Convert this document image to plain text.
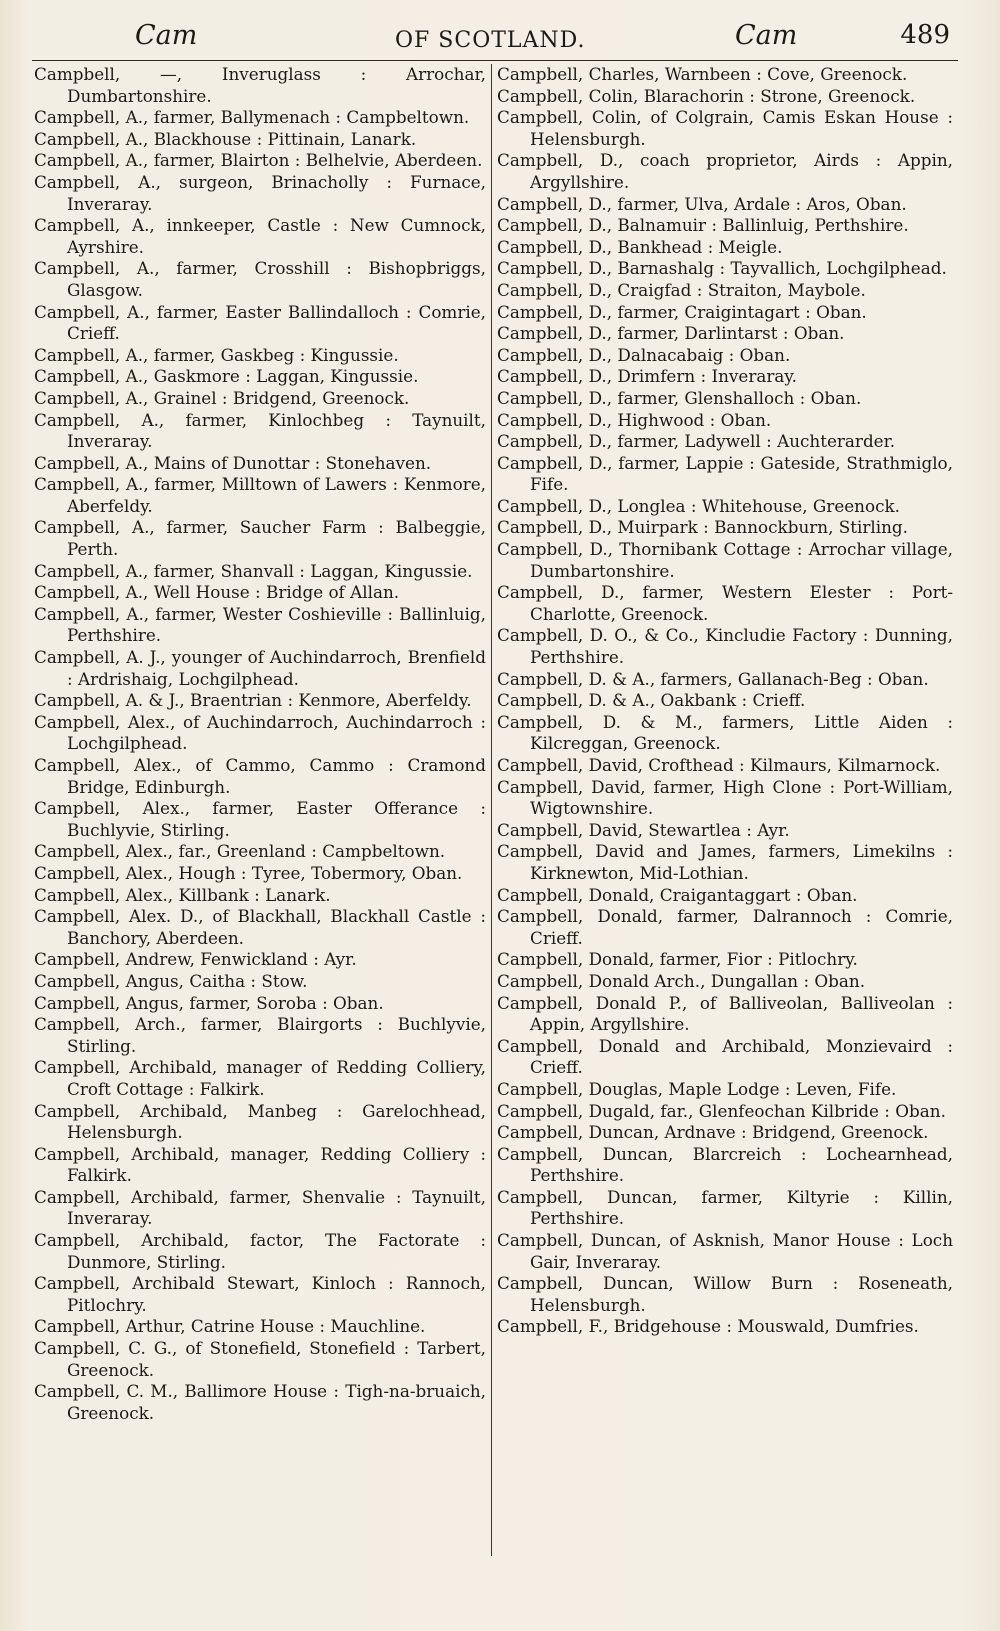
Cam	OF SCOTLAND.	Cam	489
Campbell, —, Inveruglass : Arrochar, Dumbartonshire.
Campbell, A., farmer, Ballymenach : Campbeltown.
Campbell, A., Blackhouse : Pittinain, Lanark.
Campbell, A., farmer, Blairton : Belhelvie, Aberdeen.
Campbell, A., surgeon, Brinacholly : Furnace, Inveraray.
Campbell, A., innkeeper, Castle : New Cumnock, Ayrshire.
Campbell, A., farmer, Crosshill : Bishopbriggs, Glasgow.
Campbell, A., farmer, Easter Ballindalloch : Comrie, Crieff.
Campbell, A., farmer, Gaskbeg : Kingussie.
Campbell, A., Gaskmore : Laggan, Kingussie.
Campbell, A., Grainel : Bridgend, Greenock.
Campbell, A., farmer, Kinlochbeg : Taynuilt, Inveraray.
Campbell, A., Mains of Dunottar : Stonehaven.
Campbell, A., farmer, Milltown of Lawers : Kenmore, Aberfeldy.
Campbell, A., farmer, Saucher Farm : Balbeggie, Perth.
Campbell, A., farmer, Shanvall : Laggan, Kingussie.
Campbell, A., Well House : Bridge of Allan.
Campbell, A., farmer, Wester Coshieville : Ballinluig, Perthshire.
Campbell, A. J., younger of Auchindarroch, Brenfield : Ardrishaig, Lochgilphead.
Campbell, A. & J., Braentrian : Kenmore, Aberfeldy.
Campbell, Alex., of Auchindarroch, Auchindarroch : Lochgilphead.
Campbell, Alex., of Cammo, Cammo : Cramond Bridge, Edinburgh.
Campbell, Alex., farmer, Easter Offerance : Buchlyvie, Stirling.
Campbell, Alex., far., Greenland : Campbeltown.
Campbell, Alex., Hough : Tyree, Tobermory, Oban.
Campbell, Alex., Killbank : Lanark.
Campbell, Alex. D., of Blackhall, Blackhall Castle : Banchory, Aberdeen.
Campbell, Andrew, Fenwickland : Ayr.
Campbell, Angus, Caitha : Stow.
Campbell, Angus, farmer, Soroba : Oban.
Campbell, Arch., farmer, Blairgorts : Buchlyvie, Stirling.
Campbell, Archibald, manager of Redding Colliery, Croft Cottage : Falkirk.
Campbell, Archibald, Manbeg : Garelochhead, Helensburgh.
Campbell, Archibald, manager, Redding Colliery : Falkirk.
Campbell, Archibald, farmer, Shenvalie : Taynuilt, Inveraray.
Campbell, Archibald, factor, The Factorate : Dunmore, Stirling.
Campbell, Archibald Stewart, Kinloch : Rannoch, Pitlochry.
Campbell, Arthur, Catrine House : Mauchline.
Campbell, C. G., of Stonefield, Stonefield : Tarbert, Greenock.
Campbell, C. M., Ballimore House : Tigh-na-bruaich, Greenock.
Campbell, Charles, Warnbeen : Cove, Greenock.
Campbell, Colin, Blarachorin : Strone, Greenock.
Campbell, Colin, of Colgrain, Camis Eskan House : Helensburgh.
Campbell, D., coach proprietor, Airds : Appin, Argyllshire.
Campbell, D., farmer, Ulva, Ardale : Aros, Oban.
Campbell, D., Balnamuir : Ballinluig, Perthshire.
Campbell, D., Bankhead : Meigle.
Campbell, D., Barnashalg : Tayvallich, Lochgilphead.
Campbell, D., Craigfad : Straiton, Maybole.
Campbell, D., farmer, Craigintagart : Oban.
Campbell, D., farmer, Darlintarst : Oban.
Campbell, D., Dalnacabaig : Oban.
Campbell, D., Drimfern : Inveraray.
Campbell, D., farmer, Glenshalloch : Oban.
Campbell, D., Highwood : Oban.
Campbell, D., farmer, Ladywell : Auchterarder.
Campbell, D., farmer, Lappie : Gateside, Strathmiglo, Fife.
Campbell, D., Longlea : Whitehouse, Greenock.
Campbell, D., Muirpark : Bannockburn, Stirling.
Campbell, D., Thornibank Cottage : Arrochar village, Dumbartonshire.
Campbell, D., farmer, Western Elester : Port-Charlotte, Greenock.
Campbell, D. O., & Co., Kincludie Factory : Dunning, Perthshire.
Campbell, D. & A., farmers, Gallanach-Beg : Oban.
Campbell, D. & A., Oakbank : Crieff.
Campbell, D. & M., farmers, Little Aiden : Kilcreggan, Greenock.
Campbell, David, Crofthead : Kilmaurs, Kilmarnock.
Campbell, David, farmer, High Clone : Port-William, Wigtownshire.
Campbell, David, Stewartlea : Ayr.
Campbell, David and James, farmers, Limekilns : Kirknewton, Mid-Lothian.
Campbell, Donald, Craigantaggart : Oban.
Campbell, Donald, farmer, Dalrannoch : Comrie, Crieff.
Campbell, Donald, farmer, Fior : Pitlochry.
Campbell, Donald Arch., Dungallan : Oban.
Campbell, Donald P., of Balliveolan, Balliveolan : Appin, Argyllshire.
Campbell, Donald and Archibald, Monzievaird : Crieff.
Campbell, Douglas, Maple Lodge : Leven, Fife.
Campbell, Dugald, far., Glenfeochan Kilbride : Oban.
Campbell, Duncan, Ardnave : Bridgend, Greenock.
Campbell, Duncan, Blarcreich : Lochearnhead, Perthshire.
Campbell, Duncan, farmer, Kiltyrie : Killin, Perthshire.
Campbell, Duncan, of Asknish, Manor House : Loch Gair, Inveraray.
Campbell, Duncan, Willow Burn : Roseneath, Helensburgh.
Campbell, F., Bridgehouse : Mouswald, Dumfries.
